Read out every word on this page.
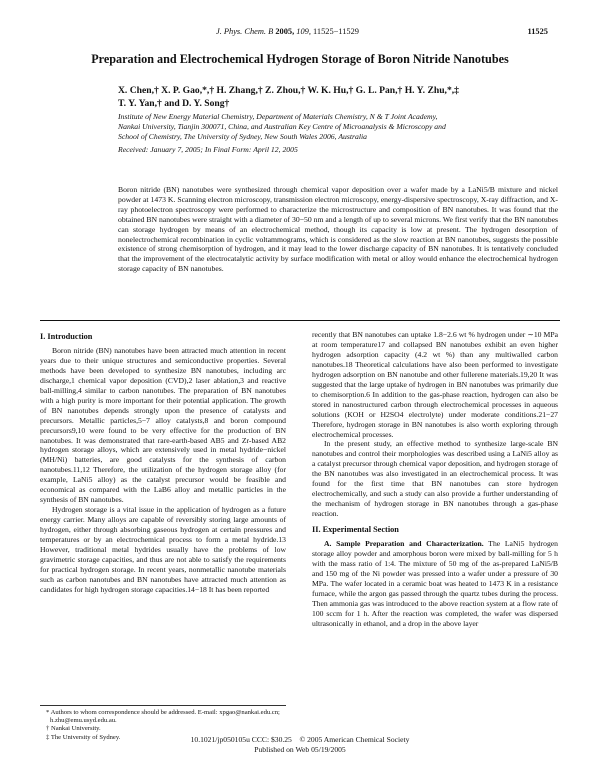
J. Phys. Chem. B 2005, 109, 11525−11529	11525
Preparation and Electrochemical Hydrogen Storage of Boron Nitride Nanotubes
X. Chen,† X. P. Gao,*,† H. Zhang,† Z. Zhou,† W. K. Hu,† G. L. Pan,† H. Y. Zhu,*,‡
T. Y. Yan,† and D. Y. Song†
Institute of New Energy Material Chemistry, Department of Materials Chemistry, N & T Joint Academy,
Nankai University, Tianjin 300071, China, and Australian Key Centre of Microanalysis & Microscopy and
School of Chemistry, The University of Sydney, New South Wales 2006, Australia
Received: January 7, 2005; In Final Form: April 12, 2005
Boron nitride (BN) nanotubes were synthesized through chemical vapor deposition over a wafer made by a LaNi5/B mixture and nickel powder at 1473 K. Scanning electron microscopy, transmission electron microscopy, energy-dispersive spectroscopy, X-ray diffraction, and X-ray photoelectron spectroscopy were performed to characterize the microstructure and composition of BN nanotubes. It was found that the obtained BN nanotubes were straight with a diameter of 30−50 nm and a length of up to several microns. We first verify that the BN nanotubes can storage hydrogen by means of an electrochemical method, though its capacity is low at present. The hydrogen desorption of nonelectrochemical recombination in cyclic voltammograms, which is considered as the slow reaction at BN nanotubes, suggests the possible existence of strong chemisorption of hydrogen, and it may lead to the lower discharge capacity of BN nanotubes. It is tentatively concluded that the improvement of the electrocatalytic activity by surface modification with metal or alloy would enhance the electrochemical hydrogen storage capacity of BN nanotubes.
I. Introduction

Boron nitride (BN) nanotubes have been attracted much attention in recent years due to their unique structures and semiconductive properties. Several methods have been developed to synthesize BN nanotubes, including arc discharge,1 chemical vapor deposition (CVD),2 laser ablation,3 and reactive ball-milling,4 similar to carbon nanotubes. The preparation of BN nanotubes with a high purity is more important for their potential application. The growth of BN nanotubes depends strongly upon the presence of catalysts and precursors. Metallic particles,5−7 alloy catalysts,8 and boron compound precursors9,10 were found to be very effective for the production of BN nanotubes. It was demonstrated that rare-earth-based AB5 and Zr-based AB2 hydrogen storage alloys, which are extensively used in metal hydride−nickel (MH/Ni) batteries, are good catalysts for the synthesis of carbon nanotubes.11,12 Therefore, the utilization of the hydrogen storage alloy (for example, LaNi5 alloy) as the catalyst precursor would be feasible and economical as compared with the LaB6 alloy and metallic particles in the synthesis of BN nanotubes.

Hydrogen storage is a vital issue in the application of hydrogen as a future energy carrier. Many alloys are capable of reversibly storing large amounts of hydrogen, either through absorbing gaseous hydrogen at certain pressures and temperatures or by an electrochemical process to form a metal hydride.13 However, traditional metal hydrides usually have the problems of low gravimetric storage capacities, and thus are not able to satisfy the requirements for practical hydrogen storage. In recent years, nonmetallic nanotube materials such as carbon nanotubes and BN nanotubes have attracted much attention as candidates for high hydrogen storage capacities.14−18 It has been reported

recently that BN nanotubes can uptake 1.8−2.6 wt % hydrogen under ∼10 MPa at room temperature17 and collapsed BN nanotubes exhibit an even higher hydrogen adsorption capacity (4.2 wt %) than any multiwalled carbon nanotubes.18 Theoretical calculations have also been performed to investigate hydrogen adsorption on BN nanotube and other fullerene materials.19,20 It was suggested that the large uptake of hydrogen in BN nanotubes was primarily due to chemisorption.6 In addition to the gas-phase reaction, hydrogen can also be stored in nanostructured carbon through electrochemical processes in aqueous solutions (KOH or H2SO4 electrolyte) under moderate conditions.21−27 Therefore, hydrogen storage in BN nanotubes is also worth exploring through electrochemical processes.

In the present study, an effective method to synthesize large-scale BN nanotubes and control their morphologies was described using a LaNi5 alloy as a catalyst precursor through chemical vapor deposition, and hydrogen storage of the BN nanotubes was also investigated in an electrochemical process. It was found for the first time that BN nanotubes can store hydrogen electrochemically, and such a study can also provide a further understanding of the mechanism of hydrogen storage in BN nanotubes through a gas-phase reaction.

II. Experimental Section

A. Sample Preparation and Characterization. The LaNi5 hydrogen storage alloy powder and amorphous boron were mixed by ball-milling for 5 h with the mass ratio of 1:4. The mixture of 50 mg of the as-prepared LaNi5/B and 150 mg of the Ni powder was pressed into a wafer under a pressure of 30 MPa. The wafer located in a ceramic boat was heated to 1473 K in a resistance furnace, while the argon gas passed through the quartz tubes during the process. Then ammonia gas was introduced to the above reaction system at a flow rate of 100 sccm for 1 h. After the reaction was completed, the wafer was dispersed ultrasonically in ethanol, and a drop in the above layer

* Authors to whom correspondence should be addressed. E-mail: xpgao@nankai.edu.cn; h.zhu@emu.usyd.edu.au.

† Nankai University.

‡ The University of Sydney.	10.1021/jp050105u CCC: $30.25    © 2005 American Chemical Society
Published on Web 05/19/2005
